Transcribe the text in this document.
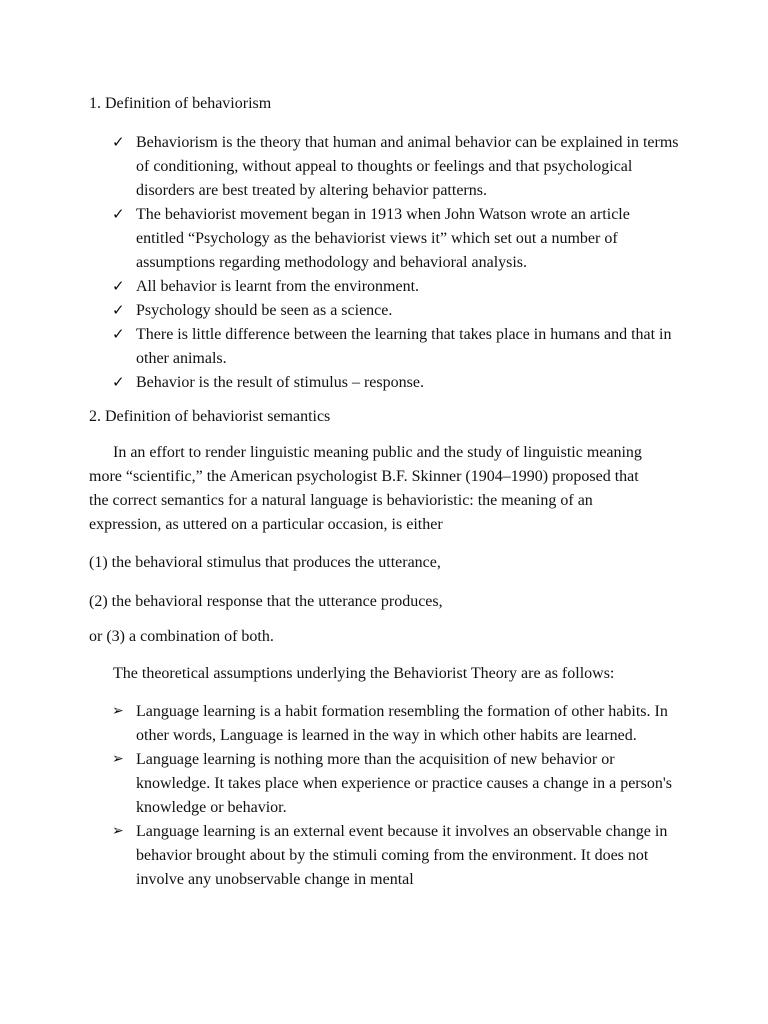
1. Definition of behaviorism
✓ Behaviorism is the theory that human and animal behavior can be explained in terms of conditioning, without appeal to thoughts or feelings and that psychological disorders are best treated by altering behavior patterns.
✓ The behaviorist movement began in 1913 when John Watson wrote an article entitled “Psychology as the behaviorist views it” which set out a number of assumptions regarding methodology and behavioral analysis.
✓ All behavior is learnt from the environment.
✓ Psychology should be seen as a science.
✓ There is little difference between the learning that takes place in humans and that in other animals.
✓ Behavior is the result of stimulus – response.
2. Definition of behaviorist semantics

In an effort to render linguistic meaning public and the study of linguistic meaning more “scientific,” the American psychologist B.F. Skinner (1904–1990) proposed that the correct semantics for a natural language is behavioristic: the meaning of an expression, as uttered on a particular occasion, is either

(1) the behavioral stimulus that produces the utterance,

(2) the behavioral response that the utterance produces,

or (3) a combination of both.

The theoretical assumptions underlying the Behaviorist Theory are as follows:

➢ Language learning is a habit formation resembling the formation of other habits. In other words, Language is learned in the way in which other habits are learned.
➢ Language learning is nothing more than the acquisition of new behavior or knowledge. It takes place when experience or practice causes a change in a person's knowledge or behavior.
➢ Language learning is an external event because it involves an observable change in behavior brought about by the stimuli coming from the environment. It does not involve any unobservable change in mental
